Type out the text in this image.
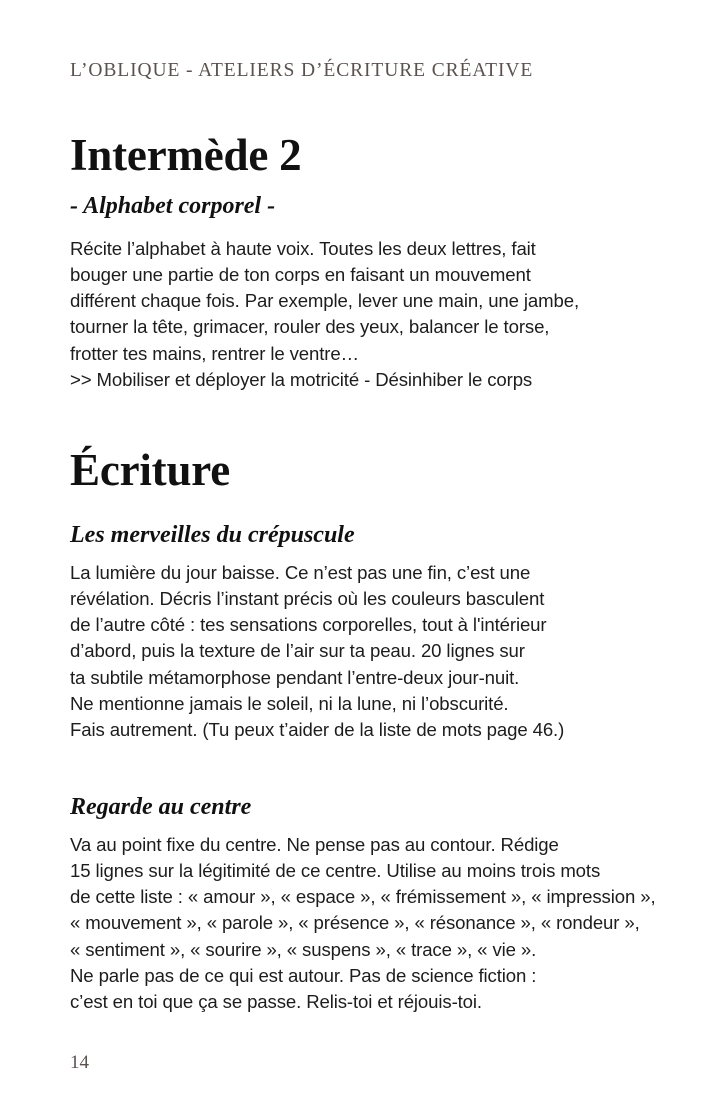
L’OBLIQUE - ATELIERS D’ÉCRITURE CRÉATIVE
Intermède 2
- Alphabet corporel -
Récite l’alphabet à haute voix. Toutes les deux lettres, fait
bouger une partie de ton corps en faisant un mouvement
différent chaque fois. Par exemple, lever une main, une jambe,
tourner la tête, grimacer, rouler des yeux, balancer le torse,
frotter tes mains, rentrer le ventre…
>> Mobiliser et déployer la motricité - Désinhiber le corps
Écriture
Les merveilles du crépuscule
La lumière du jour baisse. Ce n’est pas une fin, c’est une
révélation. Décris l’instant précis où les couleurs basculent
de l’autre côté : tes sensations corporelles, tout à l'intérieur
d’abord, puis la texture de l’air sur ta peau. 20 lignes sur
ta subtile métamorphose pendant l’entre-deux jour-nuit.
Ne mentionne jamais le soleil, ni la lune, ni l’obscurité.
Fais autrement. (Tu peux t’aider de la liste de mots page 46.)
Regarde au centre
Va au point fixe du centre. Ne pense pas au contour. Rédige
15 lignes sur la légitimité de ce centre. Utilise au moins trois mots
de cette liste : « amour », « espace », « frémissement », « impression »,
« mouvement », « parole », « présence », « résonance », « rondeur »,
« sentiment », « sourire », « suspens », « trace », « vie ».
Ne parle pas de ce qui est autour. Pas de science fiction :
c’est en toi que ça se passe. Relis-toi et réjouis-toi.
14
